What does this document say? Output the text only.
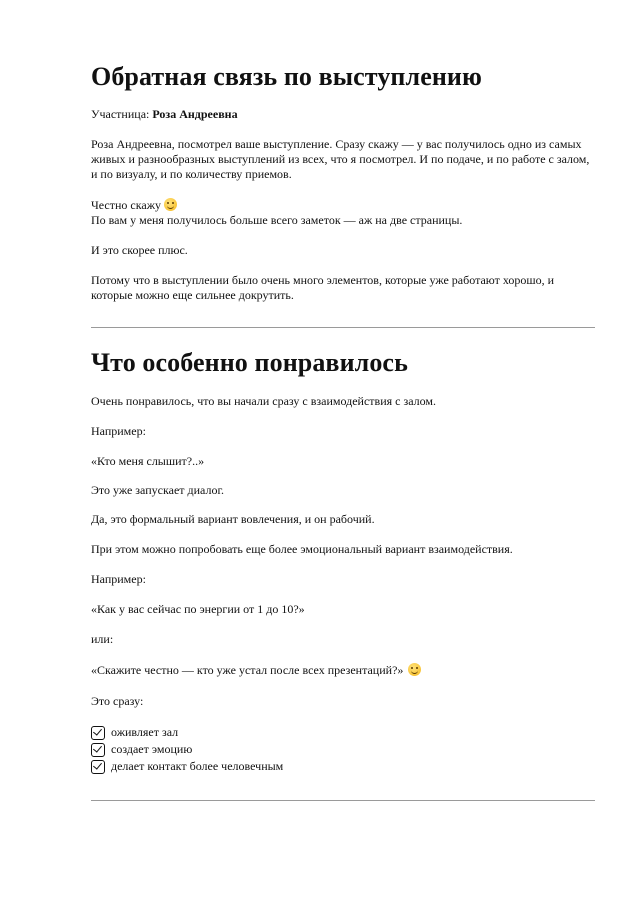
Обратная связь по выступлению

Участница: Роза Андреевна

Роза Андреевна, посмотрел ваше выступление. Сразу скажу — у вас получилось одно из самых живых и разнообразных выступлений из всех, что я посмотрел. И по подаче, и по работе с залом, и по визуалу, и по количеству приемов.

Честно скажу

По вам у меня получилось больше всего заметок — аж на две страницы.

И это скорее плюс.

Потому что в выступлении было очень много элементов, которые уже работают хорошо, и которые можно еще сильнее докрутить.

Что особенно понравилось

Очень понравилось, что вы начали сразу с взаимодействия с залом.

Например:

«Кто меня слышит?..»

Это уже запускает диалог.

Да, это формальный вариант вовлечения, и он рабочий.

При этом можно попробовать еще более эмоциональный вариант взаимодействия.

Например:

«Как у вас сейчас по энергии от 1 до 10?»

или:

«Скажите честно — кто уже устал после всех презентаций?»

Это сразу:

оживляет зал
создает эмоцию
делает контакт более человечным
